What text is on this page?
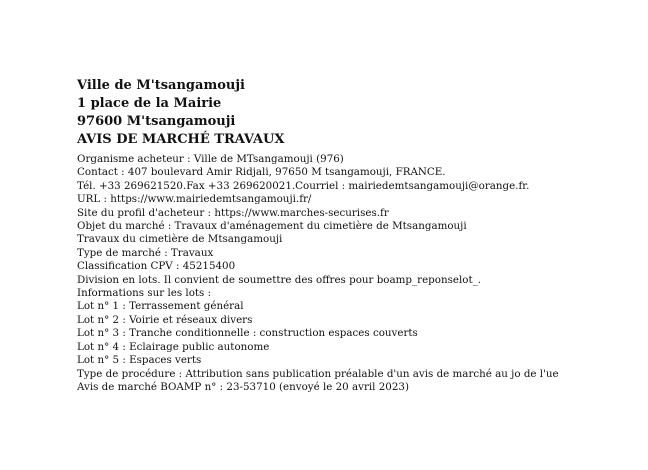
Ville de M'tsangamouji
1 place de la Mairie
97600 M'tsangamouji
AVIS DE MARCHÉ TRAVAUX
Organisme acheteur : Ville de MTsangamouji (976)
Contact : 407 boulevard Amir Ridjali, 97650 M tsangamouji, FRANCE.
Tél. +33 269621520.Fax +33 269620021.Courriel : mairiedemtsangamouji@orange.fr. URL : https://www.mairiedemtsangamouji.fr/
Site du profil d'acheteur : https://www.marches-securises.fr
Objet du marché : Travaux d'aménagement du cimetière de Mtsangamouji
Travaux du cimetière de Mtsangamouji
Type de marché : Travaux
Classification CPV : 45215400
Division en lots. Il convient de soumettre des offres pour boamp_reponselot_.
Informations sur les lots :
Lot n° 1 : Terrassement général
Lot n° 2 : Voirie et réseaux divers
Lot n° 3 : Tranche conditionnelle : construction espaces couverts
Lot n° 4 : Eclairage public autonome
Lot n° 5 : Espaces verts
Type de procédure : Attribution sans publication préalable d'un avis de marché au jo de l'ue
Avis de marché BOAMP n° : 23-53710 (envoyé le 20 avril 2023)
